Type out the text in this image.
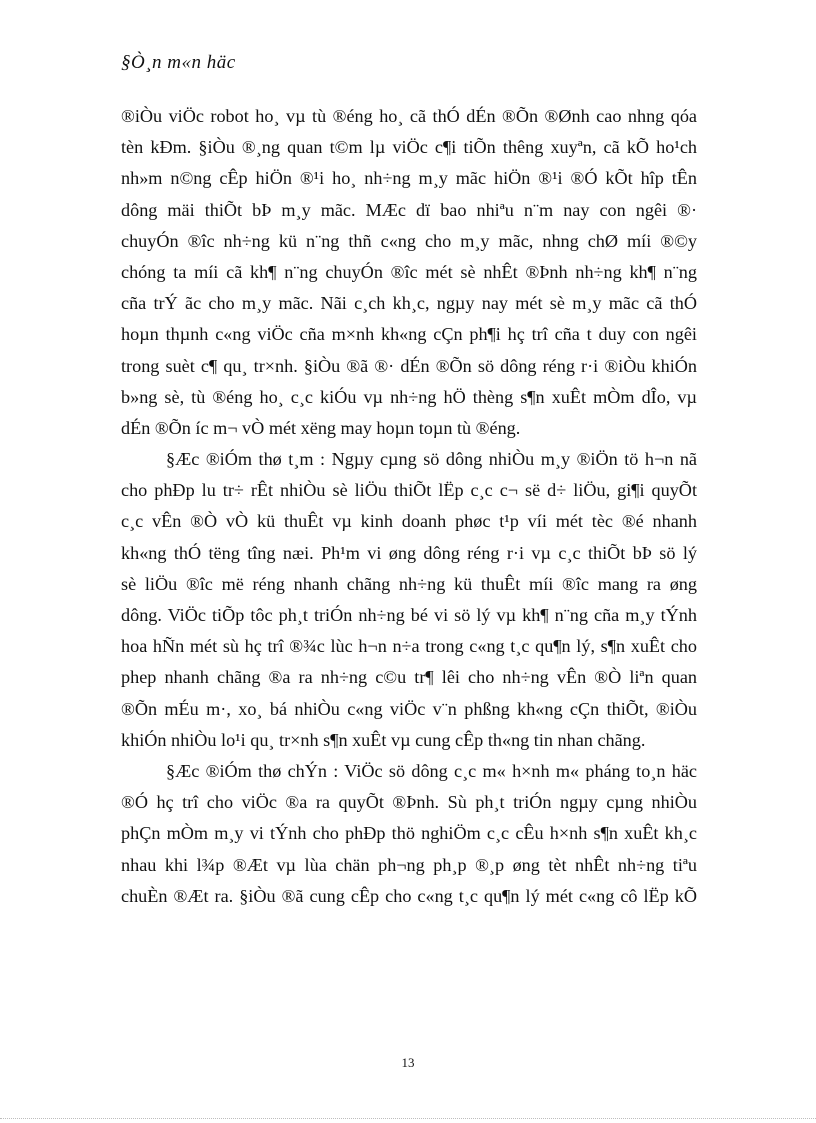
§Ò¸n m«n häc
®iÒu viÖc robot ho¸ vµ tù ®éng ho¸ cã thÓ dÉn ®Õn ®Ønh cao nhng qóa
tèn kÐm. §iÒu ®¸ng quan t©m lµ viÖc c¶i tiÕn thêng xuyªn, cã kÕ ho¹ch
nh»m n©ng cÊp hiÖn ®¹i ho¸ nh÷ng m¸y mãc hiÖn ®¹i ®Ó kÕt hîp tÊn
dông mäi thiÕt bÞ m¸y mãc. MÆc dï bao nhiªu n¨m nay con ngêi ®·
chuyÓn ®îc nh÷ng kü n¨ng thñ c«ng cho m¸y mãc, nhng chØ míi ®©y
chóng ta míi cã kh¶ n¨ng chuyÓn ®îc mét sè nhÊt ®Þnh nh÷ng kh¶ n¨ng
cña trÝ ãc cho m¸y mãc. Nãi c¸ch kh¸c, ngµy nay mét sè m¸y mãc cã thÓ
hoµn thµnh c«ng viÖc cña m×nh kh«ng cÇn ph¶i hç trî cña t duy con ngêi
trong suèt c¶ qu¸ tr×nh. §iÒu ®ã ®· dÉn ®Õn sö dông réng r·i ®iÒu khiÓn
b»ng sè, tù ®éng ho¸ c¸c kiÓu vµ nh÷ng hÖ thèng s¶n xuÊt mÒm dÎo, vµ
dÉn ®Õn íc m¬ vÒ mét xëng may hoµn toµn tù ®éng.
§Æc ®iÓm thø t¸m : Ngµy cµng sö dông nhiÒu m¸y ®iÖn tö h¬n nã
cho phÐp lu tr÷ rÊt nhiÒu sè liÖu thiÕt lËp c¸c c¬ së d÷ liÖu, gi¶i quyÕt
c¸c vÊn ®Ò vÒ kü thuÊt vµ kinh doanh phøc t¹p víi mét tèc ®é nhanh
kh«ng thÓ tëng tîng næi. Ph¹m vi øng dông réng r·i vµ c¸c thiÕt bÞ sö lý
sè liÖu ®îc më réng nhanh chãng nh÷ng kü thuÊt míi ®îc mang ra øng
dông. ViÖc tiÕp tôc ph¸t triÓn nh÷ng bé vi sö lý vµ kh¶ n¨ng cña m¸y tÝnh
hoa hÑn mét sù hç trî ®¾c lùc h¬n n÷a trong c«ng t¸c qu¶n lý, s¶n xuÊt cho
phep nhanh chãng ®a ra nh÷ng c©u tr¶ lêi cho nh÷ng vÊn ®Ò liªn quan
®Õn mÉu m·, xo¸ bá nhiÒu c«ng viÖc v¨n phßng kh«ng cÇn thiÕt, ®iÒu
khiÓn nhiÒu lo¹i qu¸ tr×nh s¶n xuÊt vµ cung cÊp th«ng tin nhan chãng.
§Æc ®iÓm thø chÝn : ViÖc sö dông c¸c m« h×nh m« pháng to¸n häc
®Ó hç trî cho viÖc ®a ra quyÕt ®Þnh. Sù ph¸t triÓn ngµy cµng nhiÒu
phÇn mÒm m¸y vi tÝnh cho phÐp thö nghiÖm c¸c cÊu h×nh s¶n xuÊt kh¸c
nhau khi l¾p ®Æt vµ lùa chän ph¬ng ph¸p ®¸p øng tèt nhÊt nh÷ng tiªu
chuÈn ®Æt ra. §iÒu ®ã cung cÊp cho c«ng t¸c qu¶n lý mét c«ng cô lËp kÕ
13
